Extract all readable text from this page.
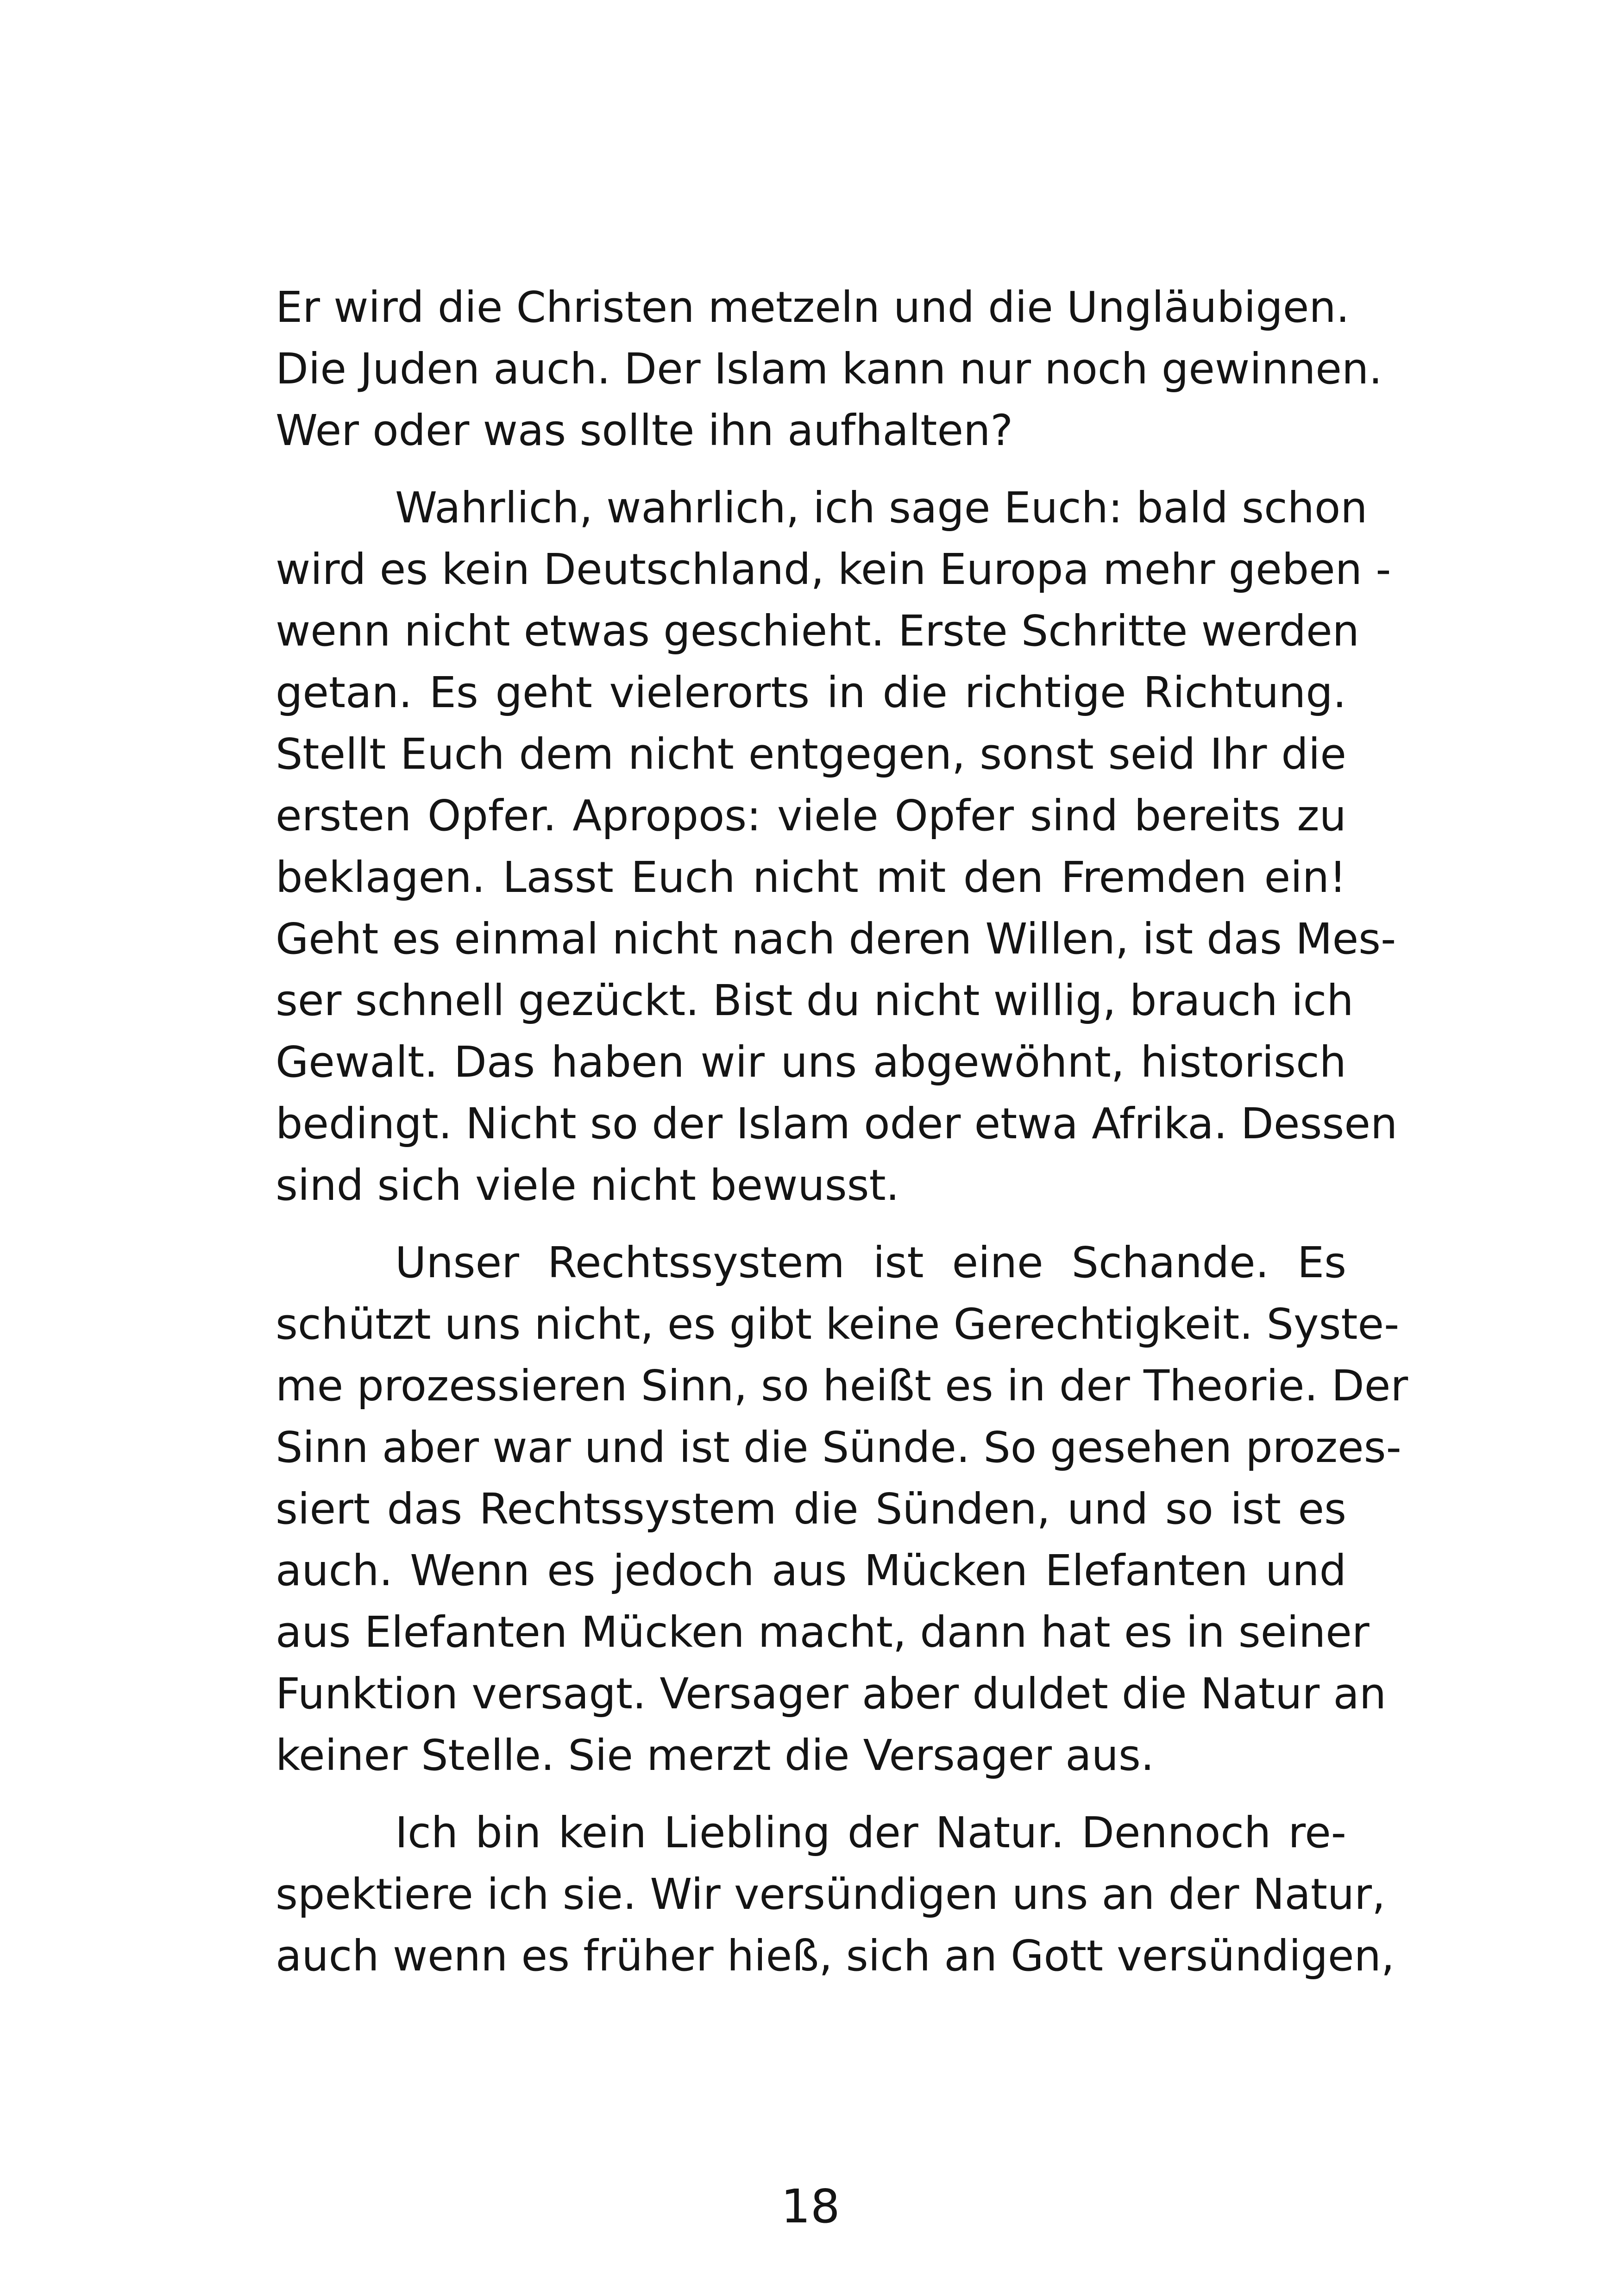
Er wird die Christen metzeln und die Ungläubigen.
Die Juden auch. Der Islam kann nur noch gewinnen.
Wer oder was sollte ihn aufhalten?
Wahrlich, wahrlich, ich sage Euch: bald schon
wird es kein Deutschland, kein Europa mehr geben -
wenn nicht etwas geschieht. Erste Schritte werden
getan. Es geht vielerorts in die richtige Richtung.
Stellt Euch dem nicht entgegen, sonst seid Ihr die
ersten Opfer. Apropos: viele Opfer sind bereits zu
beklagen. Lasst Euch nicht mit den Fremden ein!
Geht es einmal nicht nach deren Willen, ist das Mes-
ser schnell gezückt. Bist du nicht willig, brauch ich
Gewalt. Das haben wir uns abgewöhnt, historisch
bedingt. Nicht so der Islam oder etwa Afrika. Dessen
sind sich viele nicht bewusst.
Unser Rechtssystem ist eine Schande. Es
schützt uns nicht, es gibt keine Gerechtigkeit. Syste-
me prozessieren Sinn, so heißt es in der Theorie. Der
Sinn aber war und ist die Sünde. So gesehen prozes-
siert das Rechtssystem die Sünden, und so ist es
auch. Wenn es jedoch aus Mücken Elefanten und
aus Elefanten Mücken macht, dann hat es in seiner
Funktion versagt. Versager aber duldet die Natur an
keiner Stelle. Sie merzt die Versager aus.
Ich bin kein Liebling der Natur. Dennoch re-
spektiere ich sie. Wir versündigen uns an der Natur,
auch wenn es früher hieß, sich an Gott versündigen,
18
